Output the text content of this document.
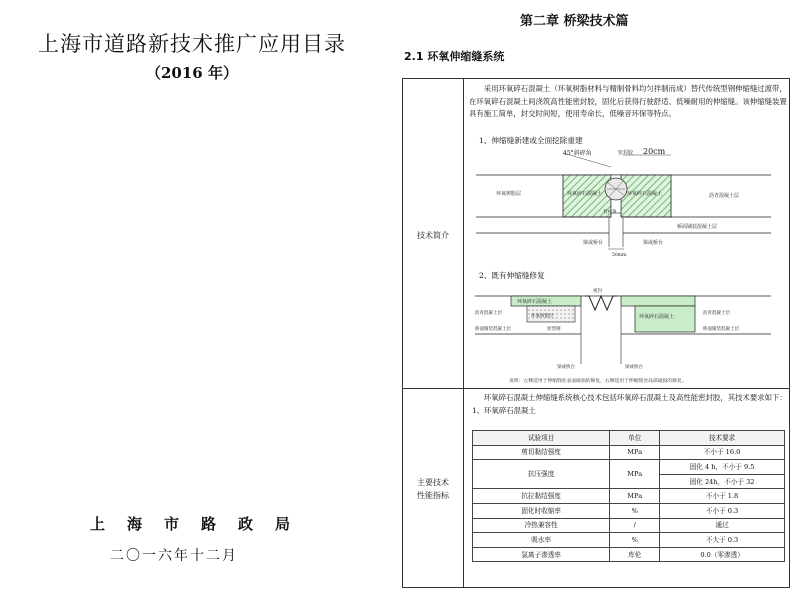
上海市道路新技术推广应用目录
（2016 年）
上海市路政局
二〇一六年十二月
第二章 桥梁技术篇
2.1 环氧伸缩缝系统
技术简介
主要技术
性能指标
采用环氧碎石混凝土（环氧树脂材料与精制骨料均匀拌制而成）替代传统型钢伸缩缝过渡带，在环氧碎石混凝土间浇筑高性能密封胶，固化后获得行驶舒适、低噪耐用的伸缩缝。该伸缩缝装置具有施工简单，封交时间短，使用寿命长，低噪音环保等特点。
1、伸缩缝新建或全面挖除重建
45°斜碎角	密封胶 20cm
环氧树脂层	环氧碎石混凝土	环氧碎石混凝土	沥青混凝土层
桥面铺装混凝土层
背衬条
梁或桥台	梁或桥台
50mm
2、既有伸缩缝修复
密封
环氧碎石混凝土
环氧碎石混凝土
沥青混凝土层	沥青混凝土层
桥面铺装混凝土层	桥面铺装混凝土层
环氧树脂层
原型钢
梁或桥台	梁或桥台
说明：左侧适用于伸缩缝处表面破损的修复，右侧适用于伸缩缝处局部破损的修复。
环氧碎石混凝土伸缩缝系统核心技术包括环氧碎石混凝土及高性能密封胶，其技术要求如下：
1、环氧碎石混凝土
试验项目	单位	技术要求
剪切黏结强度	MPa	不小于 16.0
抗压强度	MPa	固化 4 h，不小于 9.5
		固化 24h，不小于 32
抗拉黏结强度	MPa	不小于 1.8
固化时收缩率	%	不小于 0.3
冷热兼容性	/	通过
吸水率	%	不大于 0.3
氯离子渗透率	库伦	0.0（零渗透）
